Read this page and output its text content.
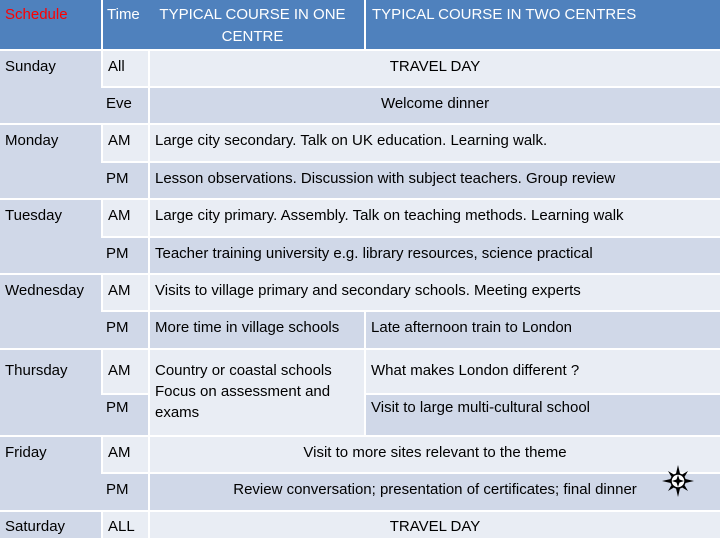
Schedule	Time TYPICAL COURSE IN ONE CENTRE		TYPICAL COURSE IN TWO CENTRES
Sunday	All	TRAVEL DAY	
	Eve	Welcome dinner	
Monday	AM	Large city secondary. Talk on UK education. Learning walk.	
	PM	Lesson observations. Discussion with subject teachers. Group review	
Tuesday	AM	Large city primary. Assembly. Talk on teaching methods. Learning walk	
	PM	Teacher training university e.g. library resources, science practical	
Wednesday	AM	Visits to village primary and secondary schools. Meeting experts	
	PM	More time in village schools	Late afternoon train to London
Thursday	AM	Country or coastal schools Focus on assessment and exams	What makes London different ?
	PM		Visit to large multi-cultural school
Friday	AM	Visit to more sites relevant to the theme	
	PM	Review conversation; presentation of certificates; final dinner	
Saturday	ALL	TRAVEL DAY	
